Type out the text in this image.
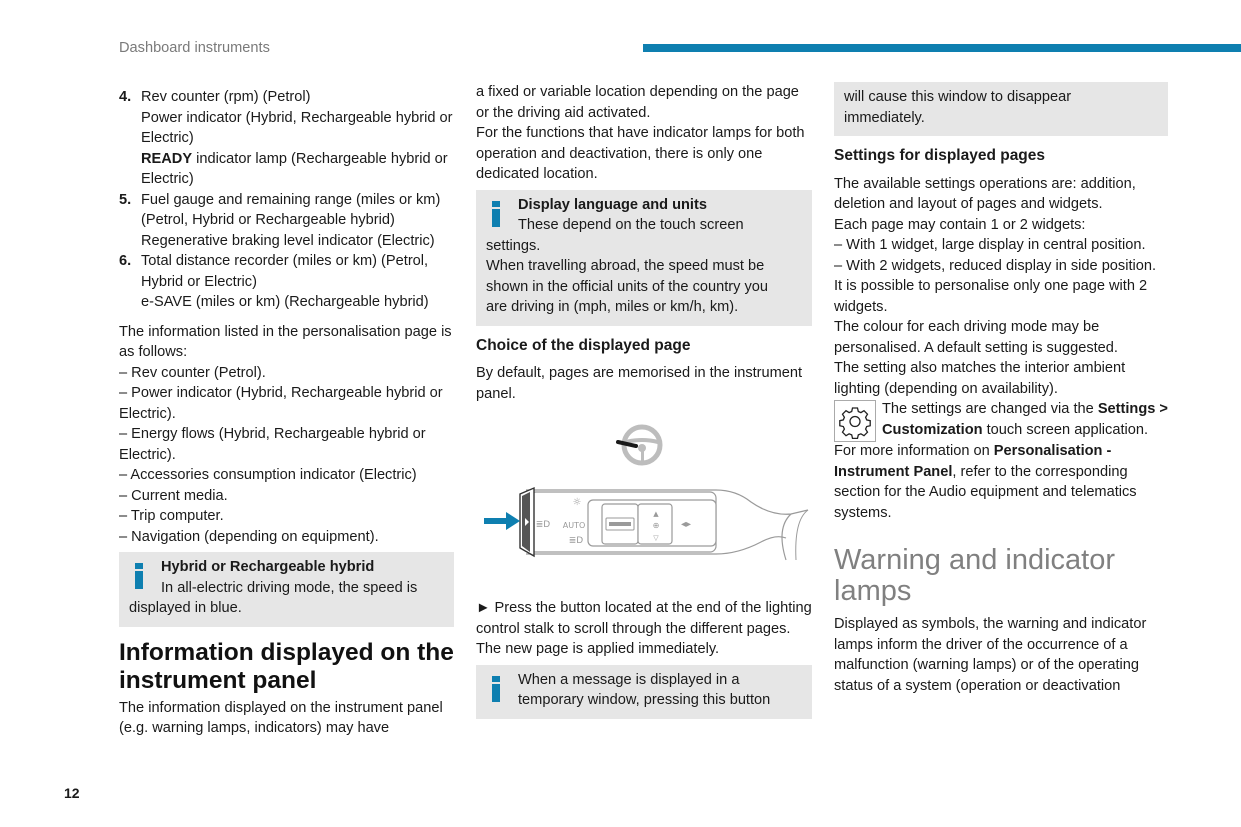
Dashboard instruments
4. Rev counter (rpm) (Petrol)

Power indicator (Hybrid, Rechargeable hybrid or Electric)

READY indicator lamp (Rechargeable hybrid or Electric)

5. Fuel gauge and remaining range (miles or km) (Petrol, Hybrid or Rechargeable hybrid)

Regenerative braking level indicator (Electric)

6. Total distance recorder (miles or km) (Petrol, Hybrid or Electric)

e-SAVE (miles or km) (Rechargeable hybrid)

The information listed in the personalisation page is as follows:

– Rev counter (Petrol).

– Power indicator (Hybrid, Rechargeable hybrid or Electric).

– Energy flows (Hybrid, Rechargeable hybrid or Electric).

– Accessories consumption indicator (Electric)

– Current media.

– Trip computer.

– Navigation (depending on equipment).

Hybrid or Rechargeable hybrid

In all-electric driving mode, the speed is displayed in blue.

Information displayed on the instrument panel

The information displayed on the instrument panel (e.g. warning lamps, indicators) may have

a fixed or variable location depending on the page or the driving aid activated.

For the functions that have indicator lamps for both operation and deactivation, there is only one dedicated location.

Display language and units

These depend on the touch screen settings.

When travelling abroad, the speed must be shown in the official units of the country you are driving in (mph, miles or km/h, km).

Choice of the displayed page

By default, pages are memorised in the instrument panel.

▲
⊕
▽
◂▸
☼
AUTO
≣D
≣D

► Press the button located at the end of the lighting control stalk to scroll through the different pages.

The new page is applied immediately.

When a message is displayed in a temporary window, pressing this button

will cause this window to disappear immediately.

Settings for displayed pages

The available settings operations are: addition, deletion and layout of pages and widgets.

Each page may contain 1 or 2 widgets:

– With 1 widget, large display in central position.

– With 2 widgets, reduced display in side position.

It is possible to personalise only one page with 2 widgets.

The colour for each driving mode may be personalised. A default setting is suggested.

The setting also matches the interior ambient lighting (depending on availability).

The settings are changed via the Settings > Customization touch screen application.

For more information on Personalisation - Instrument Panel, refer to the corresponding section for the Audio equipment and telematics systems.

Warning and indicator lamps

Displayed as symbols, the warning and indicator lamps inform the driver of the occurrence of a malfunction (warning lamps) or of the operating status of a system (operation or deactivation

12
